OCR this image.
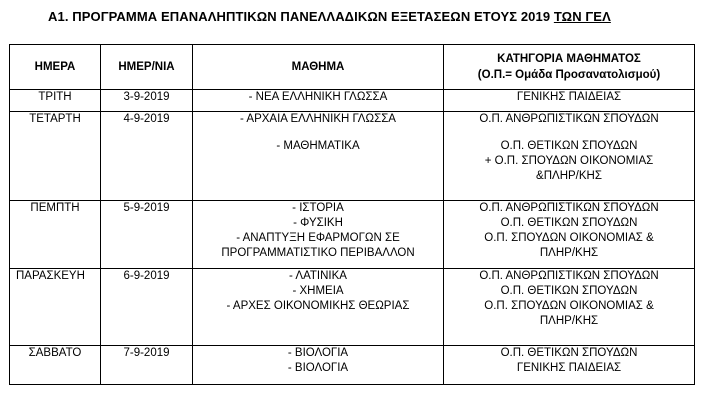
Α1. ΠΡΟΓΡΑΜΜΑ ΕΠΑΝΑΛΗΠΤΙΚΩΝ ΠΑΝΕΛΛΑΔΙΚΩΝ ΕΞΕΤΑΣΕΩΝ ΕΤΟΥΣ 2019 ΤΩΝ ΓΕΛ
ΗΜΕΡΑ	ΗΜΕΡ/ΝΙΑ	ΜΑΘΗΜΑ	ΚΑΤΗΓΟΡΙΑ ΜΑΘΗΜΑΤΟΣ
(Ο.Π.= Ομάδα Προσανατολισμού)

ΤΡΙΤΗ	3-9-2019	- ΝΕΑ ΕΛΛΗΝΙΚΗ ΓΛΩΣΣΑ	ΓΕΝΙΚΗΣ ΠΑΙΔΕΙΑΣ

ΤΕΤΑΡΤΗ	4-9-2019	- ΑΡΧΑΙΑ ΕΛΛΗΝΙΚΗ ΓΛΩΣΣΑ
- ΜΑΘΗΜΑΤΙΚΑ	Ο.Π. ΑΝΘΡΩΠΙΣΤΙΚΩΝ ΣΠΟΥΔΩΝ
Ο.Π. ΘΕΤΙΚΩΝ ΣΠΟΥΔΩΝ
+ Ο.Π. ΣΠΟΥΔΩΝ ΟΙΚΟΝΟΜΙΑΣ
&ΠΛΗΡ/ΚΗΣ

ΠΕΜΠΤΗ	5-9-2019	- ΙΣΤΟΡΙΑ
- ΦΥΣΙΚΗ
- ΑΝΑΠΤΥΞΗ ΕΦΑΡΜΟΓΩΝ ΣΕ
ΠΡΟΓΡΑΜΜΑΤΙΣΤΙΚΟ ΠΕΡΙΒΑΛΛΟΝ	Ο.Π. ΑΝΘΡΩΠΙΣΤΙΚΩΝ ΣΠΟΥΔΩΝ
Ο.Π. ΘΕΤΙΚΩΝ ΣΠΟΥΔΩΝ
Ο.Π. ΣΠΟΥΔΩΝ ΟΙΚΟΝΟΜΙΑΣ &
ΠΛΗΡ/ΚΗΣ

ΠΑΡΑΣΚΕΥΗ	6-9-2019	- ΛΑΤΙΝΙΚΑ
- ΧΗΜΕΙΑ
- ΑΡΧΕΣ ΟΙΚΟΝΟΜΙΚΗΣ ΘΕΩΡΙΑΣ	Ο.Π. ΑΝΘΡΩΠΙΣΤΙΚΩΝ ΣΠΟΥΔΩΝ
Ο.Π. ΘΕΤΙΚΩΝ ΣΠΟΥΔΩΝ
Ο.Π. ΣΠΟΥΔΩΝ ΟΙΚΟΝΟΜΙΑΣ &
ΠΛΗΡ/ΚΗΣ

ΣΑΒΒΑΤΟ	7-9-2019	- ΒΙΟΛΟΓΙΑ
- ΒΙΟΛΟΓΙΑ	Ο.Π. ΘΕΤΙΚΩΝ ΣΠΟΥΔΩΝ
ΓΕΝΙΚΗΣ ΠΑΙΔΕΙΑΣ
